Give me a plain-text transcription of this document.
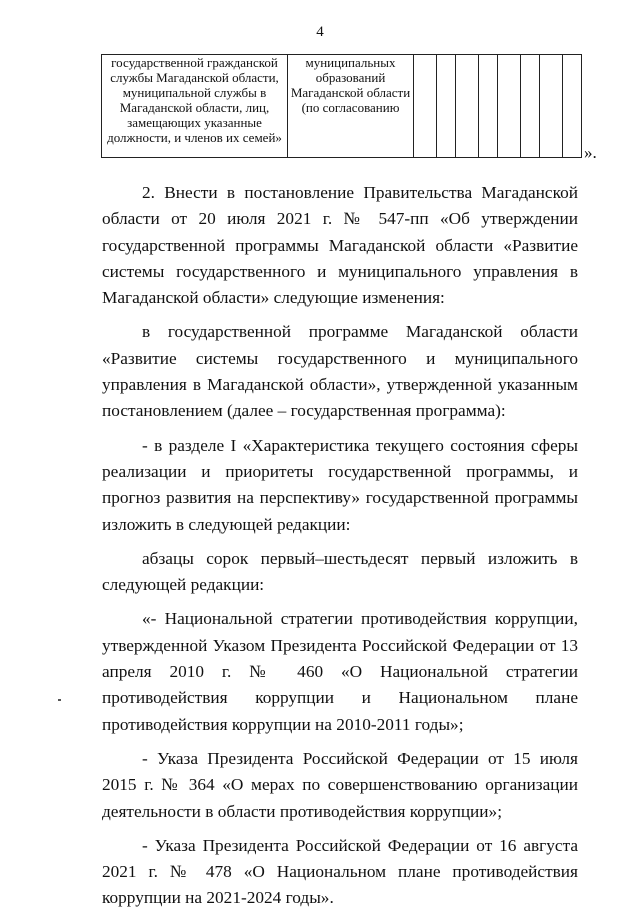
4
государственной гражданской службы Магаданской области, муниципальной службы в Магаданской области, лиц, замещающих указанные должности, и членов их семей»	муниципальных образований Магаданской области (по согласованию								
».

2. Внести в постановление Правительства Магаданской области от 20 июля 2021 г. № 547-пп «Об утверждении государственной программы Магаданской области «Развитие системы государственного и муниципального управления в Магаданской области» следующие изменения:

в государственной программе Магаданской области «Развитие системы государственного и муниципального управления в Магаданской области», утвержденной указанным постановлением (далее – государственная программа):

- в разделе I «Характеристика текущего состояния сферы реализации и приоритеты государственной программы, и прогноз развития на перспективу» государственной программы изложить в следующей редакции:

абзацы сорок первый–шестьдесят первый изложить в следующей редакции:

«- Национальной стратегии противодействия коррупции, утвержденной Указом Президента Российской Федерации от 13 апреля 2010 г. № 460 «О Национальной стратегии противодействия коррупции и Национальном плане противодействия коррупции на 2010-2011 годы»;

- Указа Президента Российской Федерации от 15 июля 2015 г. № 364 «О мерах по совершенствованию организации деятельности в области противодействия коррупции»;

- Указа Президента Российской Федерации от 16 августа 2021 г. № 478 «О Национальном плане противодействия коррупции на 2021-2024 годы».
